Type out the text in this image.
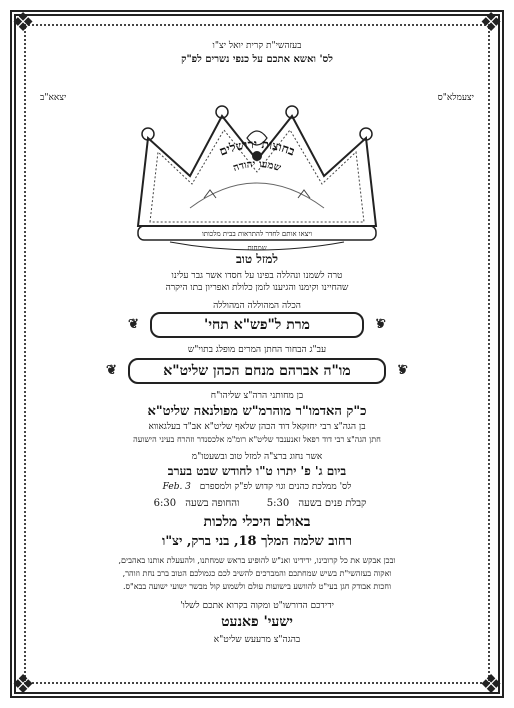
❖	❖
❖	❖
בעזהשי"ת קרית יואל יצ"ו
לס' ואשא אתכם על כנפי נשרים לפ"ק
יצאא"ב	יצעמלא"ס
בחוצות ירושלים
שמעו יהודה
ויצאו אותם לחדר להתראות בבית מלכותו
שמחות
למזל טוב
טרה לשמנו ונהללה בפינו על חסדו אשר גבר עלינו
שהחיינו וקימנו והגיענו לזמן כלולת ואפריון בתו היקרה
הכלה המהוללה המהוללה
❦ מרת ל"פש"א תחי' ❦
עב"ג הבחור החתן המרים מופלג בתוי"ש
❦ מו"ה אברהם מנחם הכהן שליט"א ❦
בן מחותני הרה"צ שליהו"ח
כ"ק האדמו"ר מוהרמ"ש מפולנאה שליט"א
בן הגה"צ רבי יחזקאל דוד הכהן שלאף שליט"א אב"ד בעלגאווא
חתן הגה"צ רבי דוד רפאל זאנענבד שליט"א רומ"מ אלכסנדר וזהרח בעיני הישועה
אשר נחוג ברצ"ה למזל טוב ובשעטו"מ
ביום ג' פ' יתרו ט"ו לחודש שבט בערב
לס' ממלכת כהנים וגוי קדוש לפ"ק ולמספרם Feb. 3
קבלת פנים בשעה 5:30 והחופה בשעה 6:30
באולם היכלי מלכות
רחוב שלמה המלך 18, בני ברק, יצ"ו
ובכן אבקש את כל קרובינו, ידידינו ואנ"ש להופיע בראש שמחתנו, ולהעעלת אותנו באהבים,
ואקוה בעזהשי"ת בשיש שמחתכם והמברכים להשיב לכם כגמולכם הטוב ברב נחת וזוהר,
וחכות אבודק חגן בעי"ט להוושע בישועות עולם ולשמוע קול מבשר ישועי ישועה בבא"ס.
ידידכם הדורשו"ט ומקוה בקרוא אתכם לשלו'
ישעי' פאנעט
בהגה"צ מרעעש שליט"א
